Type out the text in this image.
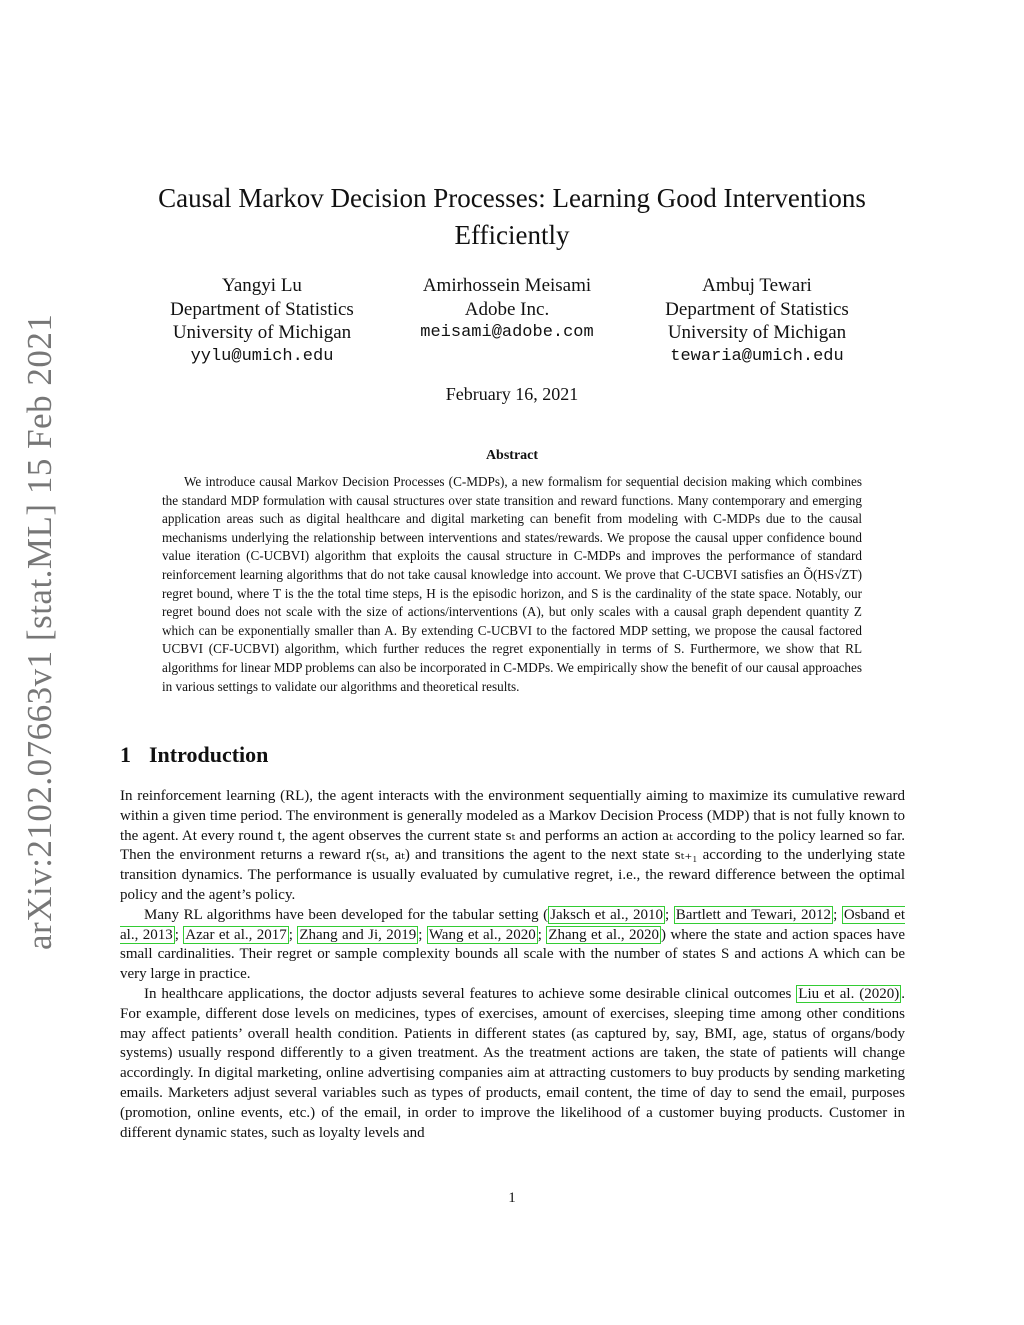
arXiv:2102.07663v1 [stat.ML] 15 Feb 2021
Causal Markov Decision Processes: Learning Good Interventions Efficiently
Yangyi Lu
Department of Statistics
University of Michigan
yylu@umich.edu
Amirhossein Meisami
Adobe Inc.
meisami@adobe.com
Ambuj Tewari
Department of Statistics
University of Michigan
tewaria@umich.edu
February 16, 2021
Abstract

We introduce causal Markov Decision Processes (C-MDPs), a new formalism for sequential decision making which combines the standard MDP formulation with causal structures over state transition and reward functions. Many contemporary and emerging application areas such as digital healthcare and digital marketing can benefit from modeling with C-MDPs due to the causal mechanisms underlying the relationship between interventions and states/rewards. We propose the causal upper confidence bound value iteration (C-UCBVI) algorithm that exploits the causal structure in C-MDPs and improves the performance of standard reinforcement learning algorithms that do not take causal knowledge into account. We prove that C-UCBVI satisfies an Õ(HS√ZT) regret bound, where T is the the total time steps, H is the episodic horizon, and S is the cardinality of the state space. Notably, our regret bound does not scale with the size of actions/interventions (A), but only scales with a causal graph dependent quantity Z which can be exponentially smaller than A. By extending C-UCBVI to the factored MDP setting, we propose the causal factored UCBVI (CF-UCBVI) algorithm, which further reduces the regret exponentially in terms of S. Furthermore, we show that RL algorithms for linear MDP problems can also be incorporated in C-MDPs. We empirically show the benefit of our causal approaches in various settings to validate our algorithms and theoretical results.

1 Introduction

In reinforcement learning (RL), the agent interacts with the environment sequentially aiming to maximize its cumulative reward within a given time period. The environment is generally modeled as a Markov Decision Process (MDP) that is not fully known to the agent. At every round t, the agent observes the current state sₜ and performs an action aₜ according to the policy learned so far. Then the environment returns a reward r(sₜ, aₜ) and transitions the agent to the next state sₜ₊₁ according to the underlying state transition dynamics. The performance is usually evaluated by cumulative regret, i.e., the reward difference between the optimal policy and the agent’s policy.

Many RL algorithms have been developed for the tabular setting ( Jaksch et al., 2010 ; Bartlett and Tewari, 2012 ; Osband et al., 2013 ; Azar et al., 2017 ; Zhang and Ji, 2019 ; Wang et al., 2020 ; Zhang et al., 2020 ) where the state and action spaces have small cardinalities. Their regret or sample complexity bounds all scale with the number of states S and actions A which can be very large in practice.

In healthcare applications, the doctor adjusts several features to achieve some desirable clinical outcomes Liu et al. (2020) . For example, different dose levels on medicines, types of exercises, amount of exercises, sleeping time among other conditions may affect patients’ overall health condition. Patients in different states (as captured by, say, BMI, age, status of organs/body systems) usually respond differently to a given treatment. As the treatment actions are taken, the state of patients will change accordingly. In digital marketing, online advertising companies aim at attracting customers to buy products by sending marketing emails. Marketers adjust several variables such as types of products, email content, the time of day to send the email, purposes (promotion, online events, etc.) of the email, in order to improve the likelihood of a customer buying products. Customer in different dynamic states, such as loyalty levels and

1
